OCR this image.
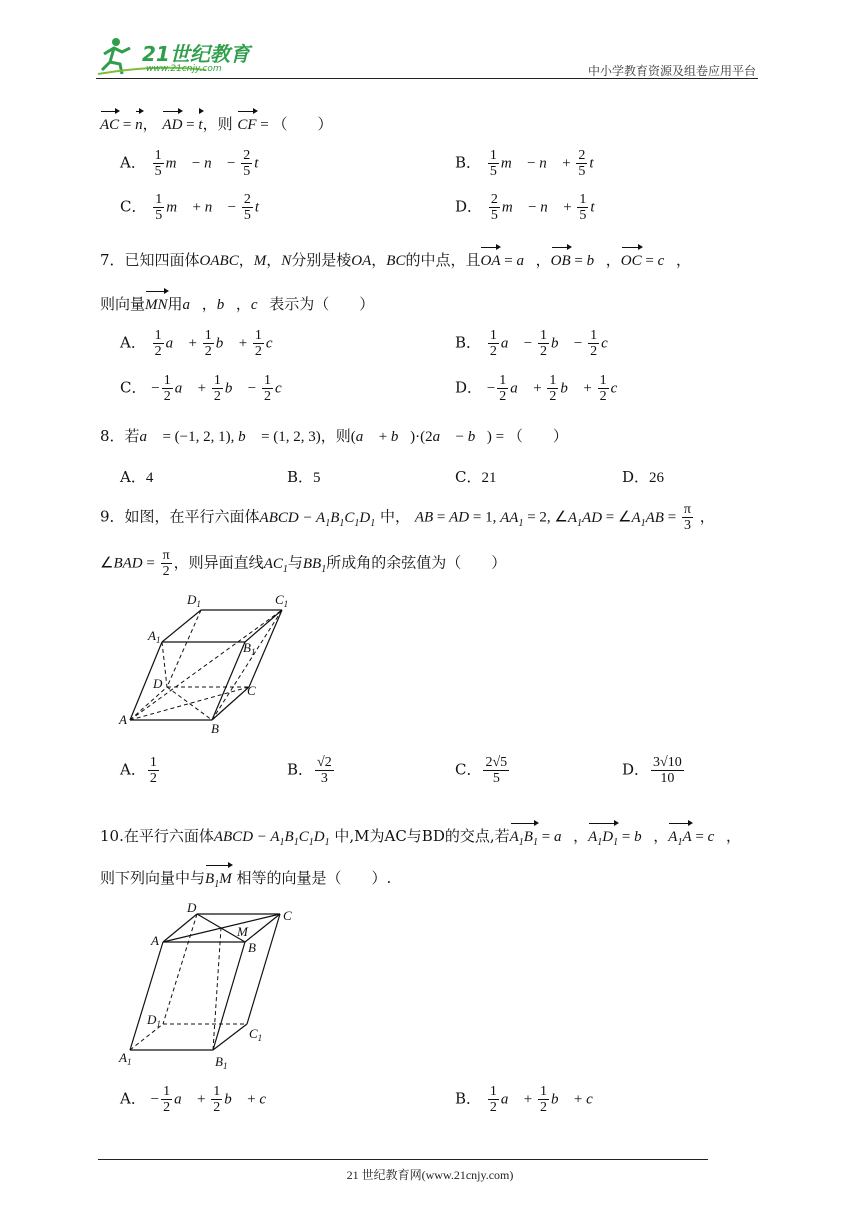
21世纪教育
www.21cnjy.com	中小学教育资源及组卷应用平台
AC = n， AD = t，则 CF = （　　）
A． $\frac{1}{5}$ m⃗ − n⃗ − $\frac{2}{5}$ t⃗	B． $\frac{1}{5}$ m⃗ − n⃗ + $\frac{2}{5}$ t⃗
C． $\frac{1}{5}$ m⃗ + n⃗ − $\frac{2}{5}$ t⃗	D． $\frac{2}{5}$ m⃗ − n⃗ + $\frac{1}{5}$ t⃗
7．已知四面体OABC，M，N分别是棱OA，BC的中点，且OA = a⃗，OB = b⃗，OC = c⃗，
则向量MN用a⃗，b⃗，c⃗表示为（　　）
A． $\frac{1}{2}$ a⃗ + $\frac{1}{2}$ b⃗ + $\frac{1}{2}$ c⃗	B． $\frac{1}{2}$ a⃗ − $\frac{1}{2}$ b⃗ − $\frac{1}{2}$ c⃗
C． − $\frac{1}{2}$ a⃗ + $\frac{1}{2}$ b⃗ − $\frac{1}{2}$ c⃗	D． − $\frac{1}{2}$ a⃗ + $\frac{1}{2}$ b⃗ + $\frac{1}{2}$ c⃗
8．若a⃗ = (−1, 2, 1), b⃗ = (1, 2, 3)，则(a⃗ + b⃗)·(2a⃗ − b⃗) = （　　）
A．4	B．5	C．21	D．26
9．如图，在平行六面体ABCD − $A_1B_1C_1D_1$ 中， AB = AD = 1, $AA_1 = 2$, $\angle A_1AD$ = $\angle A_1AB = \frac{\pi}{3}$ ，
∠BAD = $\frac{\pi}{2}$ ，则异面直线$AC_1$与$BB_1$所成角的余弦值为（　　）
$D_1$	$C_1$
$A_1$	$B_1$
D	C
A
B
A． $\frac{1}{2}$	B． $\frac{√2}{3}$	C． $\frac{2√5}{5}$	D． $\frac{3√10}{10}$
10.在平行六面体ABCD − $A_1B_1C_1D_1$ 中,M为AC与BD的交点,若$A_1B_1$ = a⃗，$A_1D_1$ = b⃗，$A_1A$ = c⃗，
则下列向量中与$B_1M$ 相等的向量是（　　）.
D
C
A
M
B
$D_1$
$C_1$
$A_1$	$B_1$
A． − $\frac{1}{2}$ a⃗ + $\frac{1}{2}$ b⃗ + c⃗	B． $\frac{1}{2}$ a⃗ + $\frac{1}{2}$ b⃗ + c⃗
21 世纪教育网(www.21cnjy.com)
